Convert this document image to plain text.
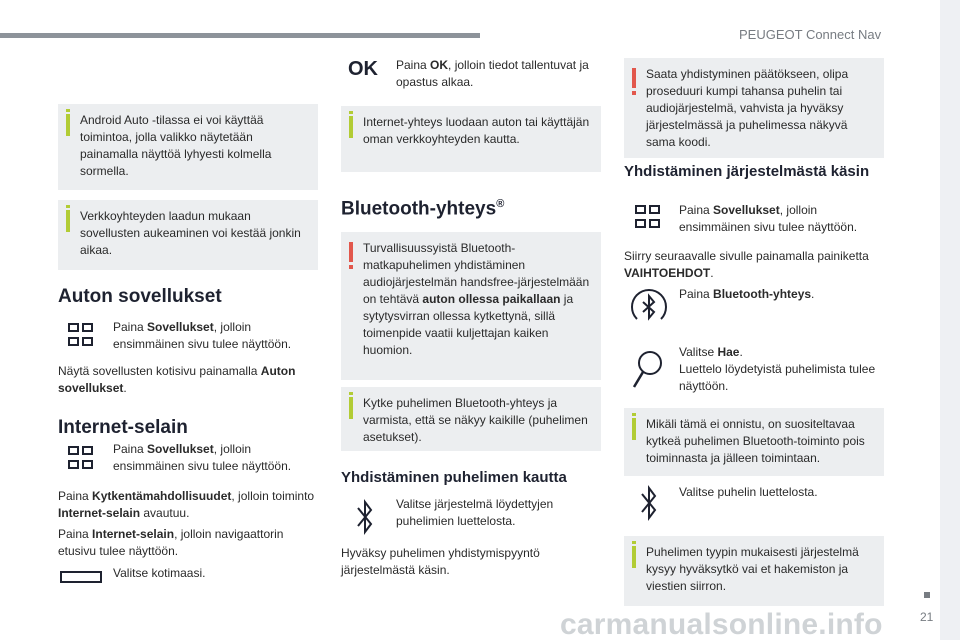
PEUGEOT Connect Nav
21
carmanualsonline.info
Android Auto -tilassa ei voi käyttää toimintoa, jolla valikko näytetään painamalla näyttöä lyhyesti kolmella sormella.
Verkkoyhteyden laadun mukaan sovellusten aukeaminen voi kestää jonkin aikaa.
Auton sovellukset
Paina Sovellukset, jolloin ensimmäinen sivu tulee näyttöön.
Näytä sovellusten kotisivu painamalla Auton sovellukset.
Internet-selain
Paina Sovellukset, jolloin ensimmäinen sivu tulee näyttöön.
Paina Kytkentämahdollisuudet, jolloin toiminto Internet-selain avautuu.
Paina Internet-selain, jolloin navigaattorin etusivu tulee näyttöön.
Valitse kotimaasi.
OK Paina OK, jolloin tiedot tallentuvat ja opastus alkaa.
Internet-yhteys luodaan auton tai käyttäjän oman verkkoyhteyden kautta.
Bluetooth-yhteys®
Turvallisuussyistä Bluetooth-matkapuhelimen yhdistäminen audiojärjestelmän handsfree-järjestelmään on tehtävä auton ollessa paikallaan ja sytytysvirran ollessa kytkettynä, sillä toimenpide vaatii kuljettajan kaiken huomion.
Kytke puhelimen Bluetooth-yhteys ja varmista, että se näkyy kaikille (puhelimen asetukset).
Yhdistäminen puhelimen kautta
Valitse järjestelmä löydettyjen puhelimien luettelosta.
Hyväksy puhelimen yhdistymispyyntö järjestelmästä käsin.
Saata yhdistyminen päätökseen, olipa proseduuri kumpi tahansa puhelin tai audiojärjestelmä, vahvista ja hyväksy järjestelmässä ja puhelimessa näkyvä sama koodi.
Yhdistäminen järjestelmästä käsin
Paina Sovellukset, jolloin ensimmäinen sivu tulee näyttöön.
Siirry seuraavalle sivulle painamalla painiketta VAIHTOEHDOT.
Paina Bluetooth-yhteys.
Valitse Hae.
Luettelo löydetyistä puhelimista tulee näyttöön.
Mikäli tämä ei onnistu, on suositeltavaa kytkeä puhelimen Bluetooth-toiminto pois toiminnasta ja jälleen toimintaan.
Valitse puhelin luettelosta.
Puhelimen tyypin mukaisesti järjestelmä kysyy hyväksytkö vai et hakemiston ja viestien siirron.
